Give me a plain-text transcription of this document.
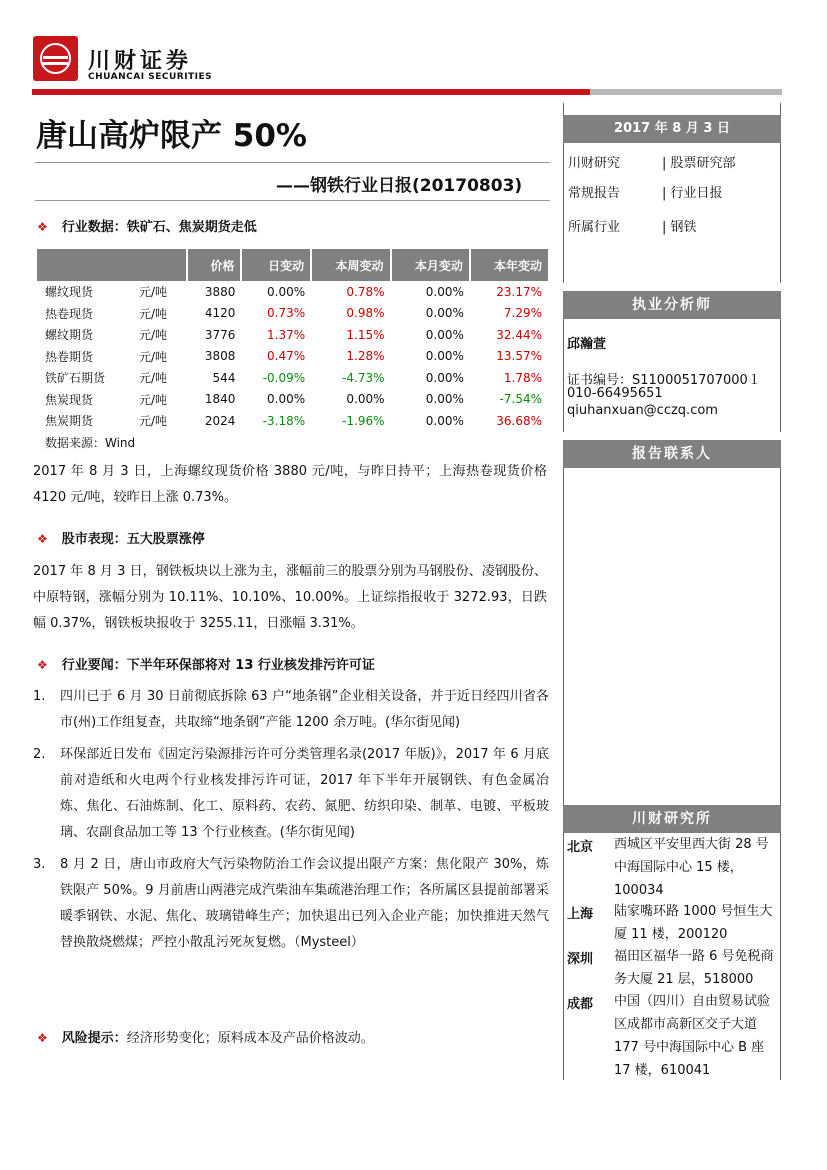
川财证券
CHUANCAI SECURITIES
唐山高炉限产 50%
——钢铁行业日报(20170803)
❖ 行业数据：铁矿石、焦炭期货走低
		价格	日变动	本周变动	本月变动	本年变动
螺纹现货	元/吨	3880	0.00%	0.78%	0.00%	23.17%
热卷现货	元/吨	4120	0.73%	0.98%	0.00%	7.29%
螺纹期货	元/吨	3776	1.37%	1.15%	0.00%	32.44%
热卷期货	元/吨	3808	0.47%	1.28%	0.00%	13.57%
铁矿石期货	元/吨	544	-0.09%	-4.73%	0.00%	1.78%
焦炭现货	元/吨	1840	0.00%	0.00%	0.00%	-7.54%
焦炭期货	元/吨	2024	-3.18%	-1.96%	0.00%	36.68%
数据来源：Wind
2017 年 8 月 3 日，上海螺纹现货价格 3880 元/吨，与昨日持平；上海热卷现货价格 4120 元/吨，较昨日上涨 0.73%。
❖ 股市表现：五大股票涨停
2017 年 8 月 3 日，钢铁板块以上涨为主，涨幅前三的股票分别为马钢股份、凌钢股份、中原特钢，涨幅分别为 10.11%、10.10%、10.00%。上证综指报收于 3272.93，日跌幅 0.37%，钢铁板块报收于 3255.11，日涨幅 3.31%。
❖ 行业要闻：下半年环保部将对 13 行业核发排污许可证
1.	四川已于 6 月 30 日前彻底拆除 63 户“地条钢”企业相关设备，并于近日经四川省各市(州)工作组复查，共取缔“地条钢”产能 1200 余万吨。(华尔街见闻)
2.	环保部近日发布《固定污染源排污许可分类管理名录(2017 年版)》，2017 年 6 月底前对造纸和火电两个行业核发排污许可证，2017 年下半年开展钢铁、有色金属冶炼、焦化、石油炼制、化工、原料药、农药、氮肥、纺织印染、制革、电镀、平板玻璃、农副食品加工等 13 个行业核查。(华尔街见闻)
3.	8 月 2 日，唐山市政府大气污染物防治工作会议提出限产方案：焦化限产 30%，炼铁限产 50%。9 月前唐山两港完成汽柴油车集疏港治理工作；各所属区县提前部署采暖季钢铁、水泥、焦化、玻璃错峰生产；加快退出已列入企业产能；加快推进天然气替换散烧燃煤；严控小散乱污死灰复燃。（Mysteel）
❖ 风险提示：经济形势变化；原料成本及产品价格波动。
2017 年 8 月 3 日
川财研究	| 股票研究部
常规报告	| 行业日报
所属行业	| 钢铁
执业分析师
邱瀚萱
证书编号：S1100051707000１
010-66495651
qiuhanxuan@cczq.com
报告联系人
川财研究所
北京 西城区平安里西大街 28 号中海国际中心 15 楼，100034
上海 陆家嘴环路 1000 号恒生大厦 11 楼，200120
深圳 福田区福华一路 6 号免税商务大厦 21 层，518000
成都 中国（四川）自由贸易试验区成都市高新区交子大道 177 号中海国际中心 B 座 17 楼，610041
